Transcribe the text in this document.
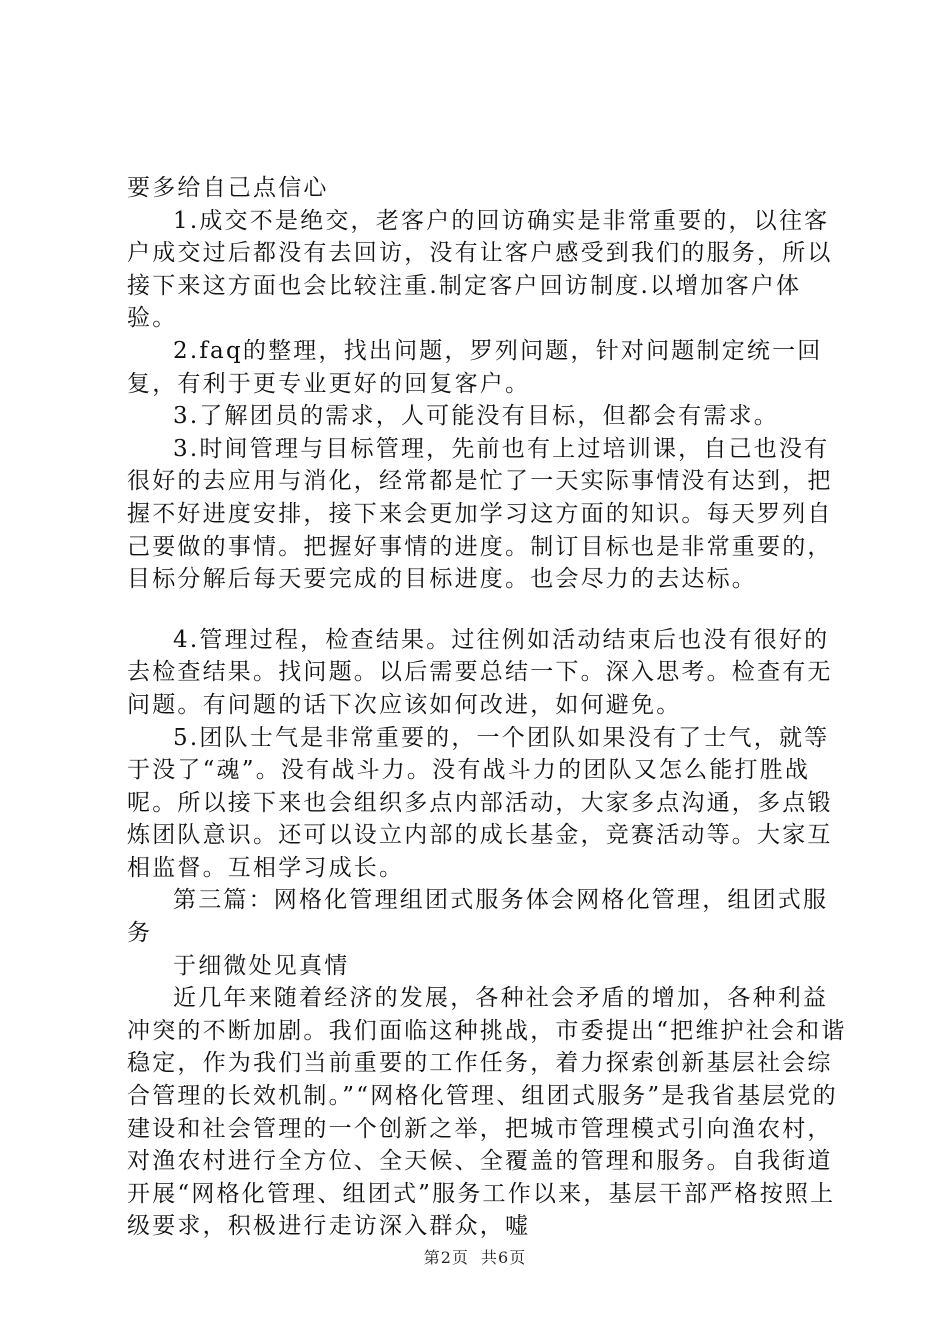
要多给自己点信心

1.成交不是绝交，老客户的回访确实是非常重要的，以往客户成交过后都没有去回访，没有让客户感受到我们的服务，所以接下来这方面也会比较注重.制定客户回访制度.以增加客户体验。

2.faq的整理，找出问题，罗列问题，针对问题制定统一回复，有利于更专业更好的回复客户。

3.了解团员的需求，人可能没有目标，但都会有需求。

3.时间管理与目标管理，先前也有上过培训课，自己也没有很好的去应用与消化，经常都是忙了一天实际事情没有达到，把握不好进度安排，接下来会更加学习这方面的知识。每天罗列自己要做的事情。把握好事情的进度。制订目标也是非常重要的，目标分解后每天要完成的目标进度。也会尽力的去达标。

4.管理过程，检查结果。过往例如活动结束后也没有很好的去检查结果。找问题。以后需要总结一下。深入思考。检查有无问题。有问题的话下次应该如何改进，如何避免。

5.团队士气是非常重要的，一个团队如果没有了士气，就等于没了“魂”。没有战斗力。没有战斗力的团队又怎么能打胜战呢。所以接下来也会组织多点内部活动，大家多点沟通，多点锻炼团队意识。还可以设立内部的成长基金，竞赛活动等。大家互相监督。互相学习成长。

第三篇：网格化管理组团式服务体会网格化管理，组团式服务

于细微处见真情

近几年来随着经济的发展，各种社会矛盾的增加，各种利益冲突的不断加剧。我们面临这种挑战，市委提出“把维护社会和谐稳定，作为我们当前重要的工作任务，着力探索创新基层社会综合管理的长效机制。”“网格化管理、组团式服务”是我省基层党的建设和社会管理的一个创新之举，把城市管理模式引向渔农村，对渔农村进行全方位、全天候、全覆盖的管理和服务。自我街道开展“网格化管理、组团式”服务工作以来，基层干部严格按照上级要求，积极进行走访深入群众，嘘

第2页 共6页
